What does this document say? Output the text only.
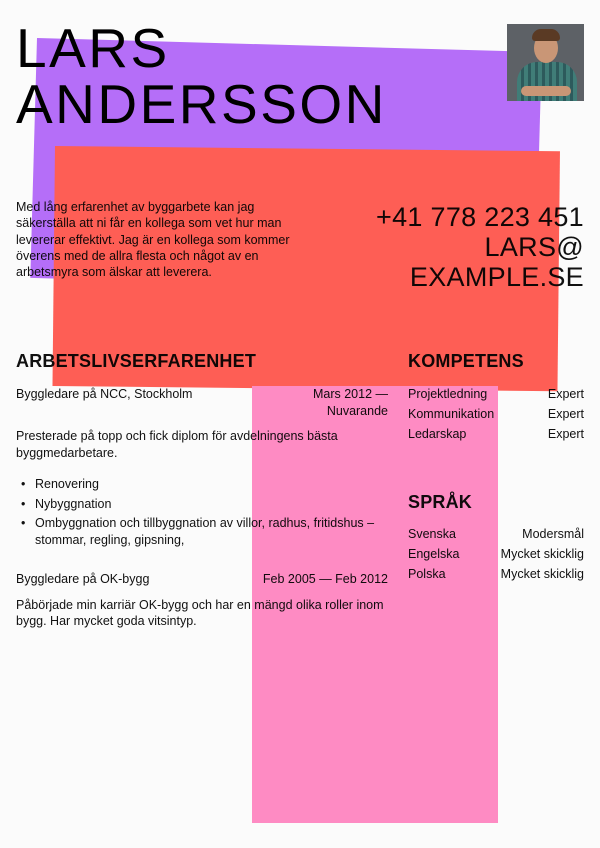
LARS
ANDERSSON

Med lång erfarenhet av byggarbete kan jag säkerställa att ni får en kollega som vet hur man levererar effektivt. Jag är en kollega som kommer överens med de allra flesta och något av en arbetsmyra som älskar att leverera.

+41 778 223 451
LARS@
EXAMPLE.SE
ARBETSLIVSERFARENHET
Byggledare på NCC, Stockholm	Mars 2012 —
Nuvarande

Presterade på topp och fick diplom för avdelningens bästa byggmedarbetare.

• Renovering
• Nybyggnation
• Ombyggnation och tillbyggnation av villor, radhus, fritidshus – stommar, regling, gipsning,
Byggledare på OK-bygg	Feb 2005 — Feb 2012

Påbörjade min karriär OK-bygg och har en mängd olika roller inom bygg. Har mycket goda vitsintyp.

KOMPETENS
Projektledning	Expert
Kommunikation	Expert
Ledarskap	Expert
SPRÅK
Svenska	Modersmål
Engelska	Mycket skicklig
Polska	Mycket skicklig
